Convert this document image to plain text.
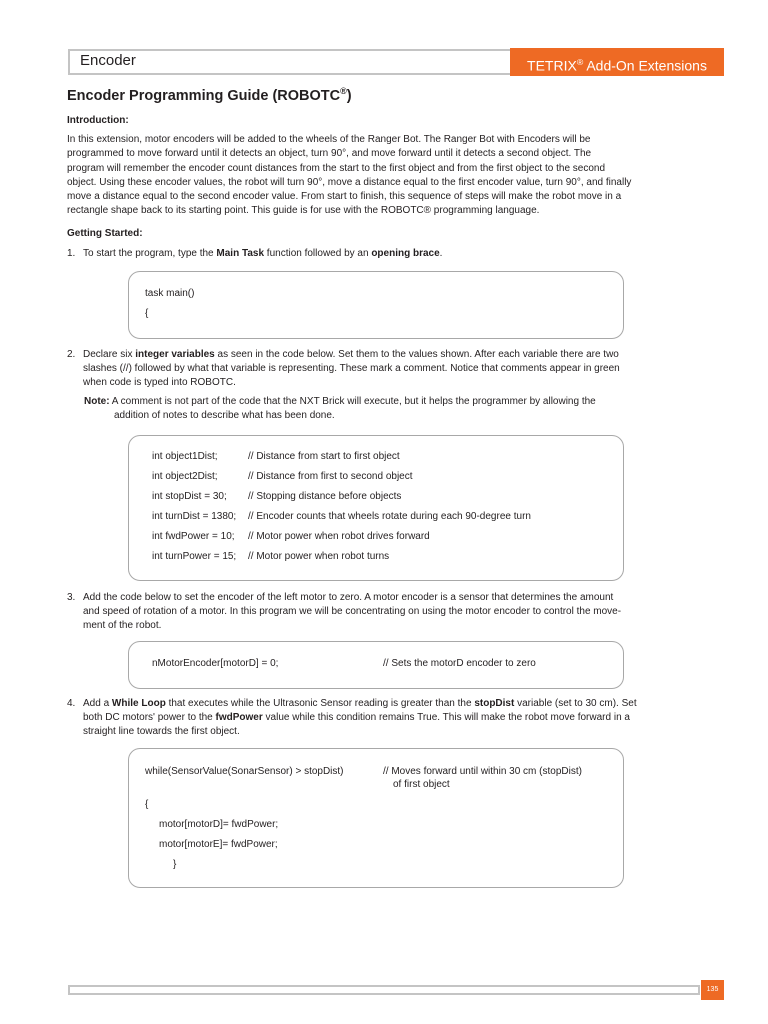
Encoder	TETRIX® Add-On Extensions
Encoder Programming Guide (ROBOTC®)
Introduction:
In this extension, motor encoders will be added to the wheels of the Ranger Bot. The Ranger Bot with Encoders will be
programmed to move forward until it detects an object, turn 90°, and move forward until it detects a second object. The
program will remember the encoder count distances from the start to the first object and from the first object to the second
object. Using these encoder values, the robot will turn 90°, move a distance equal to the first encoder value, turn 90°, and finally
move a distance equal to the second encoder value. From start to finish, this sequence of steps will make the robot move in a
rectangle shape back to its starting point. This guide is for use with the ROBOTC® programming language.
Getting Started:
1. To start the program, type the Main Task function followed by an opening brace.
task main()
{
2. Declare six integer variables as seen in the code below. Set them to the values shown. After each variable there are two
slashes (//) followed by what that variable is representing. These mark a comment. Notice that comments appear in green
when code is typed into ROBOTC.
Note: A comment is not part of the code that the NXT Brick will execute, but it helps the programmer by allowing the
addition of notes to describe what has been done.
int object1Dist;	// Distance from start to first object
int object2Dist;	// Distance from first to second object
int stopDist = 30; // Stopping distance before objects
int turnDist = 1380; // Encoder counts that wheels rotate during each 90-degree turn
int fwdPower = 10; // Motor power when robot drives forward
int turnPower = 15; // Motor power when robot turns
3. Add the code below to set the encoder of the left motor to zero. A motor encoder is a sensor that determines the amount
and speed of rotation of a motor. In this program we will be concentrating on using the motor encoder to control the move-
ment of the robot.
nMotorEncoder[motorD] = 0;	// Sets the motorD encoder to zero
4. Add a While Loop that executes while the Ultrasonic Sensor reading is greater than the stopDist variable (set to 30 cm). Set
both DC motors' power to the fwdPower value while this condition remains True. This will make the robot move forward in a
straight line towards the first object.
while(SensorValue(SonarSensor) > stopDist)	// Moves forward until within 30 cm (stopDist)
of first object
{
motor[motorD]= fwdPower;
motor[motorE]= fwdPower;
}
135
